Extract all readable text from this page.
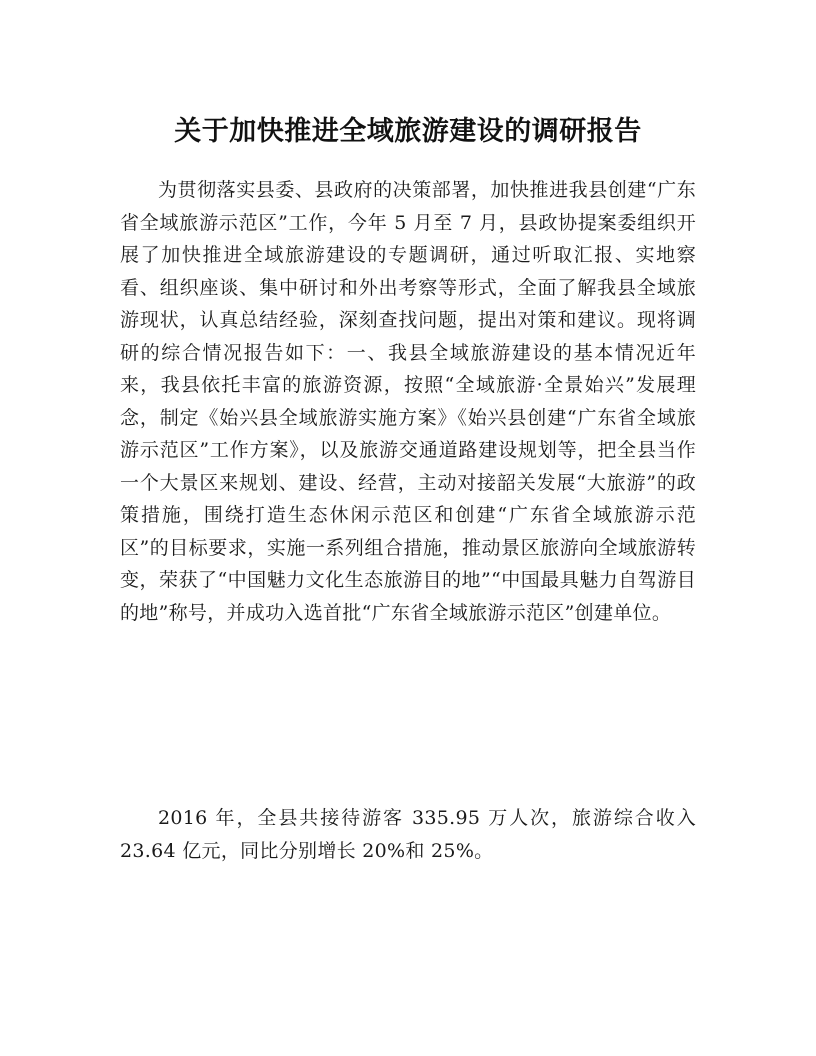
关于加快推进全域旅游建设的调研报告

为贯彻落实县委、县政府的决策部署，加快推进我县创建“广东省全域旅游示范区”工作，今年 5 月至 7 月，县政协提案委组织开展了加快推进全域旅游建设的专题调研，通过听取汇报、实地察看、组织座谈、集中研讨和外出考察等形式，全面了解我县全域旅游现状，认真总结经验，深刻查找问题，提出对策和建议。现将调研的综合情况报告如下：一、我县全域旅游建设的基本情况近年来，我县依托丰富的旅游资源，按照“全域旅游·全景始兴”发展理念，制定《始兴县全域旅游实施方案》《始兴县创建“广东省全域旅游示范区”工作方案》，以及旅游交通道路建设规划等，把全县当作一个大景区来规划、建设、经营，主动对接韶关发展“大旅游”的政策措施，围绕打造生态休闲示范区和创建“广东省全域旅游示范区”的目标要求，实施一系列组合措施，推动景区旅游向全域旅游转变，荣获了“中国魅力文化生态旅游目的地”“中国最具魅力自驾游目的地”称号，并成功入选首批“广东省全域旅游示范区”创建单位。

2016 年，全县共接待游客 335.95 万人次，旅游综合收入 23.64 亿元，同比分别增长 20%和 25%。
